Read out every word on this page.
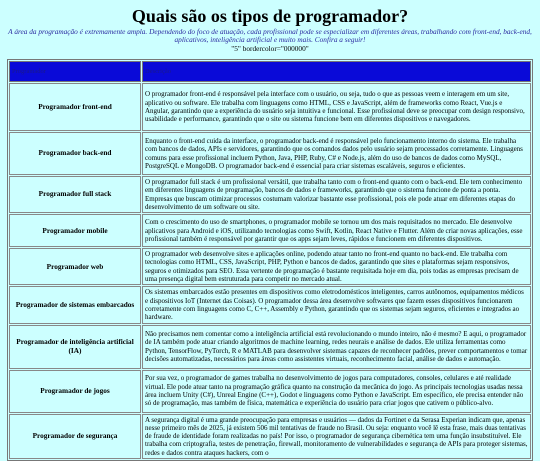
Quais são os tipos de programador?
A área da programação é extremamente ampla. Dependendo do foco de atuação, cada profissional pode se especializar em diferentes áreas, trabalhando com front-end, back-end, aplicativos, inteligência artificial e muito mais. Confira a seguir!
"5" bordercolor="000000"
Programador	Descrição
Programador front-end	O programador front-end é responsável pela interface com o usuário, ou seja, tudo o que as pessoas veem e interagem em um site, aplicativo ou software. Ele trabalha com linguagens como HTML, CSS e JavaScript, além de frameworks como React, Vue.js e Angular, garantindo que a experiência do usuário seja intuitiva e funcional. Esse profissional deve se preocupar com design responsivo, usabilidade e performance, garantindo que o site ou sistema funcione bem em diferentes dispositivos e navegadores.
Programador back-end	Enquanto o front-end cuida da interface, o programador back-end é responsável pelo funcionamento interno do sistema. Ele trabalha com bancos de dados, APIs e servidores, garantindo que os comandos dados pelo usuário sejam processados corretamente. Linguagens comuns para esse profissional incluem Python, Java, PHP, Ruby, C# e Node.js, além do uso de bancos de dados como MySQL, PostgreSQL e MongoDB. O programador back-end é essencial para criar sistemas escaláveis, seguros e eficientes.
Programador full stack	O programador full stack é um profissional versátil, que trabalha tanto com o front-end quanto com o back-end. Ele tem conhecimento em diferentes linguagens de programação, bancos de dados e frameworks, garantindo que o sistema funcione de ponta a ponta. Empresas que buscam otimizar processos costumam valorizar bastante esse profissional, pois ele pode atuar em diferentes etapas do desenvolvimento de um software ou site.
Programador mobile	Com o crescimento do uso de smartphones, o programador mobile se tornou um dos mais requisitados no mercado. Ele desenvolve aplicativos para Android e iOS, utilizando tecnologias como Swift, Kotlin, React Native e Flutter. Além de criar novas aplicações, esse profissional também é responsável por garantir que os apps sejam leves, rápidos e funcionem em diferentes dispositivos.
Programador web	O programador web desenvolve sites e aplicações online, podendo atuar tanto no front-end quanto no back-end. Ele trabalha com tecnologias como HTML, CSS, JavaScript, PHP, Python e bancos de dados, garantindo que sites e plataformas sejam responsivos, seguros e otimizados para SEO. Essa vertente de programação é bastante requisitada hoje em dia, pois todas as empresas precisam de uma presença digital bem estruturada para competir no mercado atual.
Programador de sistemas embarcados	Os sistemas embarcados estão presentes em dispositivos como eletrodomésticos inteligentes, carros autônomos, equipamentos médicos e dispositivos IoT (Internet das Coisas). O programador dessa área desenvolve softwares que fazem esses dispositivos funcionarem corretamente com linguagens como C, C++, Assembly e Python, garantindo que os sistemas sejam seguros, eficientes e integrados ao hardware.
Programador de inteligência artificial (IA)	Não precisamos nem comentar como a inteligência artificial está revolucionando o mundo inteiro, não é mesmo? E aqui, o programador de IA também pode atuar criando algoritmos de machine learning, redes neurais e análise de dados. Ele utiliza ferramentas como Python, TensorFlow, PyTorch, R e MATLAB para desenvolver sistemas capazes de reconhecer padrões, prever comportamentos e tomar decisões automatizadas, necessários para áreas como assistentes virtuais, reconhecimento facial, análise de dados e automação.
Programador de jogos	Por sua vez, o programador de games trabalha no desenvolvimento de jogos para computadores, consoles, celulares e até realidade virtual. Ele pode atuar tanto na programação gráfica quanto na construção da mecânica do jogo. As principais tecnologias usadas nessa área incluem Unity (C#), Unreal Engine (C++), Godot e linguagens como Python e JavaScript. Em específico, ele precisa entender não só de programação, mas também de física, matemática e experiência do usuário para criar jogos que cativem o público-alvo.
Programador de segurança	A segurança digital é uma grande preocupação para empresas e usuários — dados da Fortinet e da Serasa Experian indicam que, apenas nesse primeiro mês de 2025, já existem 506 mil tentativas de fraude no Brasil. Ou seja: enquanto você lê esta frase, mais duas tentativas de fraude de identidade foram realizadas no país! Por isso, o programador de segurança cibernética tem uma função insubstituível. Ele trabalha com criptografia, testes de penetração, firewall, monitoramento de vulnerabilidades e segurança de APIs para proteger sistemas, redes e dados contra ataques hackers, com o
